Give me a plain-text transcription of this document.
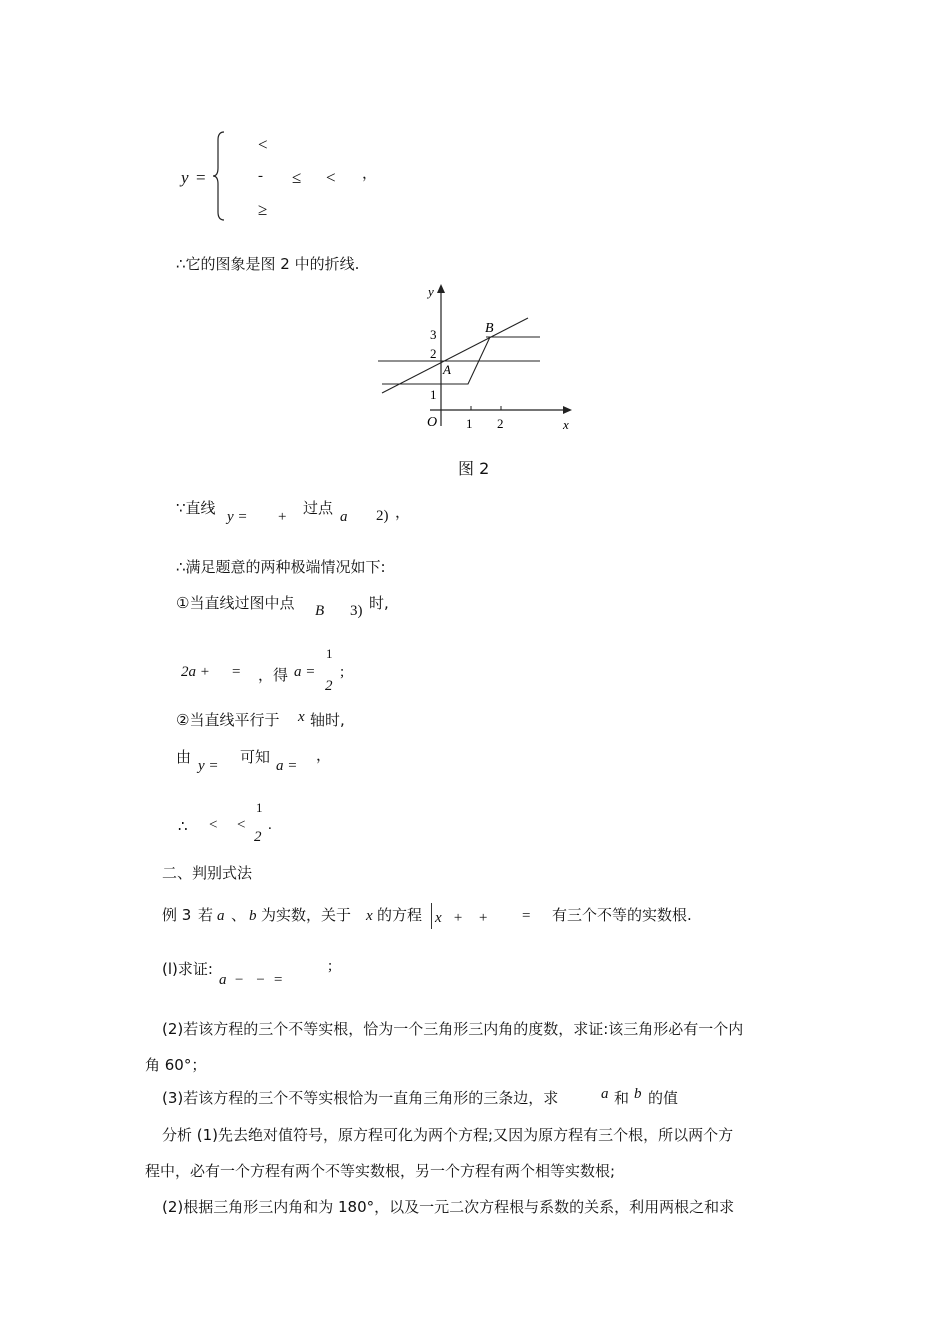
y =
<
- ≤ < ，
≥
∴它的图象是图 2 中的折线.
y
x
O
A
B
1
2
3
1 2
图 2
∵直线 y = + 过点 a 2) ，
∴满足题意的两种极端情况如下:
①当直线过图中点 B 3) 时,
2a + = ，得 a =
1
2
;
②当直线平行于 x 轴时,
由 y = 可知 a =
，
∴ < <
1
2
.
二、判别式法
例 3 若 a 、 b 为实数，关于 x 的方程 x   +    + = 有三个不等的实数根.
(l)求证:
a  −   −  =
;
(2)若该方程的三个不等实根，恰为一个三角形三内角的度数，求证:该三角形必有一个内
角 60°；
(3)若该方程的三个不等实根恰为一直角三角形的三条边，求	a 和 b 的值
分析 (1)先去绝对值符号，原方程可化为两个方程;又因为原方程有三个根，所以两个方
程中，必有一个方程有两个不等实数根，另一个方程有两个相等实数根;
(2)根据三角形三内角和为 180°，以及一元二次方程根与系数的关系，利用两根之和求
